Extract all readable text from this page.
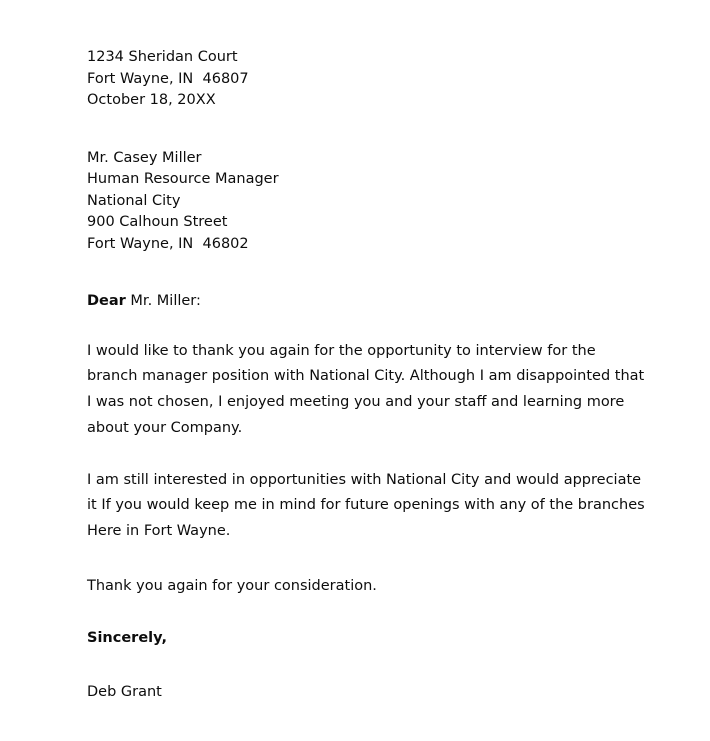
1234 Sheridan Court
Fort Wayne, IN  46807
October 18, 20XX
Mr. Casey Miller
Human Resource Manager
National City
900 Calhoun Street
Fort Wayne, IN  46802
Dear Mr. Miller:

I would like to thank you again for the opportunity to interview for the branch manager position with National City. Although I am disappointed that I was not chosen, I enjoyed meeting you and your staff and learning more about your Company.

I am still interested in opportunities with National City and would appreciate it If you would keep me in mind for future openings with any of the branches Here in Fort Wayne.

Thank you again for your consideration.

Sincerely,
Deb Grant
